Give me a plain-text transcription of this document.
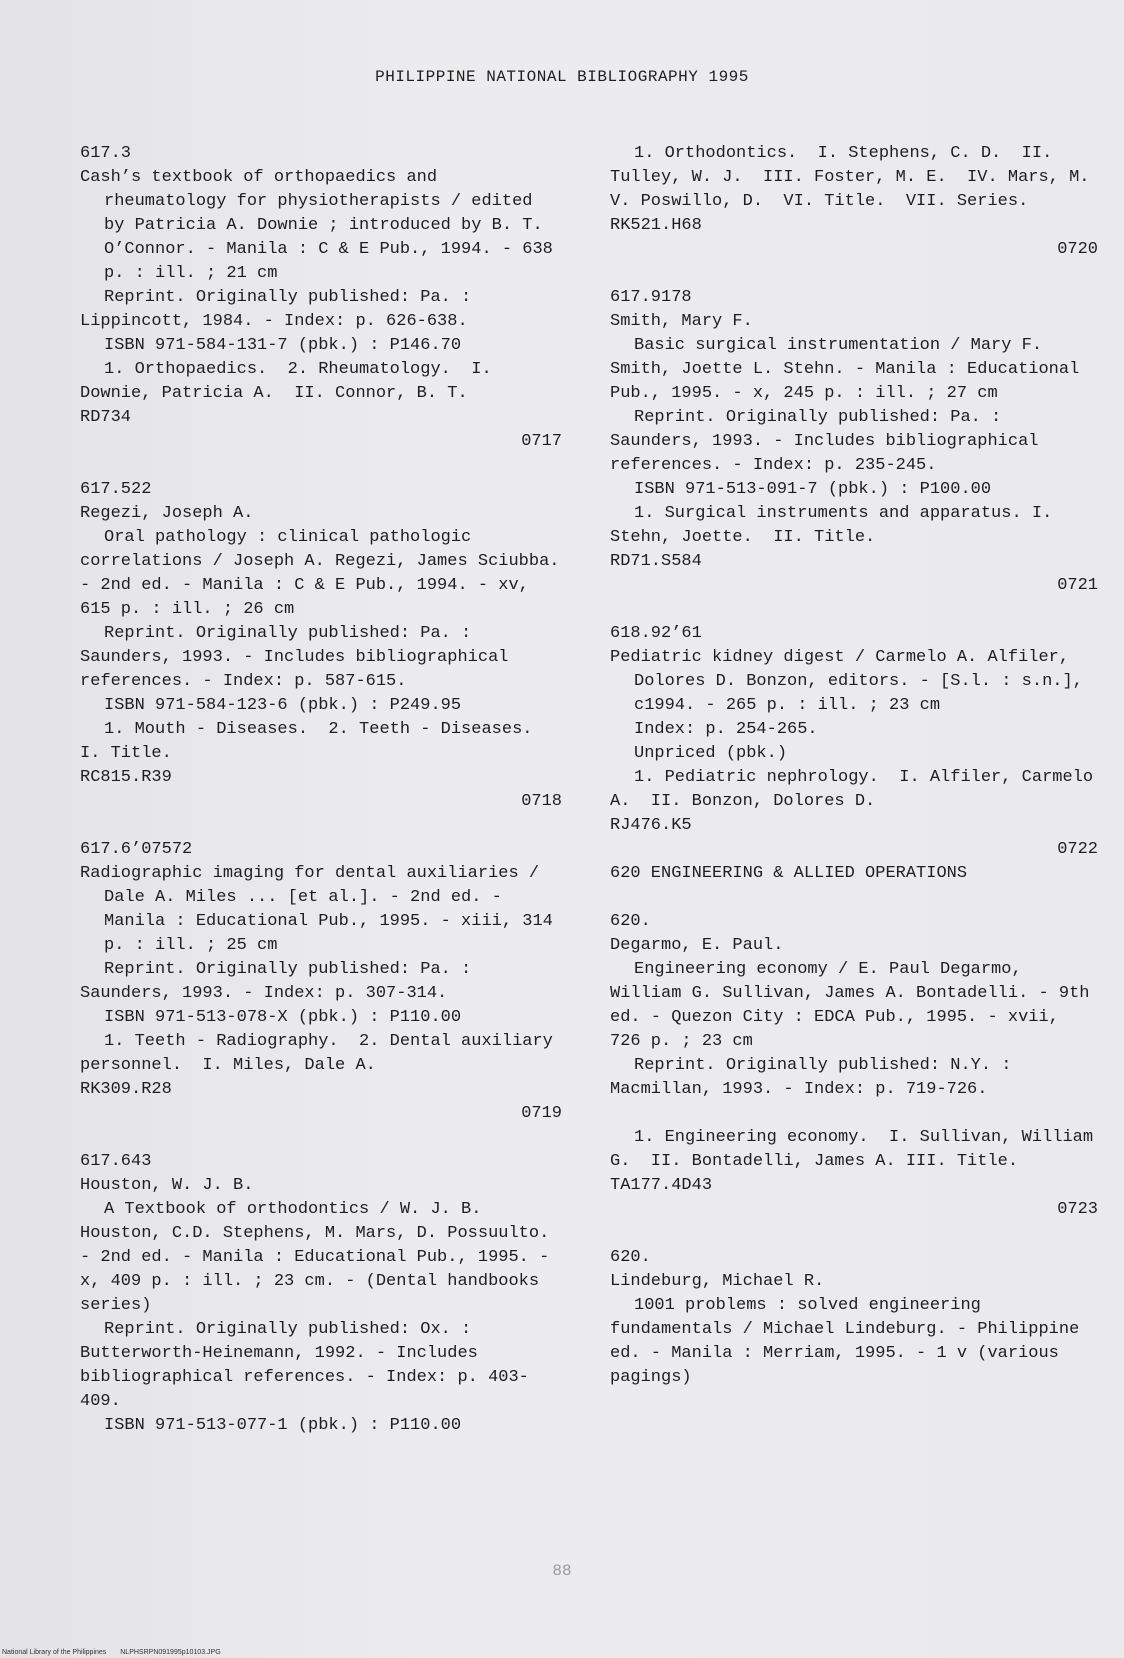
PHILIPPINE NATIONAL BIBLIOGRAPHY 1995

617.3

Cash’s textbook of orthopaedics and rheumatology for physiotherapists / edited by Patricia A. Downie ; introduced by B. T. O’Connor. - Manila : C & E Pub., 1994. - 638 p. : ill. ; 21 cm

Reprint. Originally published: Pa. : Lippincott, 1984. - Index: p. 626-638.

ISBN 971-584-131-7 (pbk.) : P146.70

1. Orthopaedics.  2. Rheumatology.  I. Downie, Patricia A.  II. Connor, B. T.

RD734

0717

617.522

Regezi, Joseph A.

Oral pathology : clinical pathologic correlations / Joseph A. Regezi, James Sciubba. - 2nd ed. - Manila : C & E Pub., 1994. - xv, 615 p. : ill. ; 26 cm

Reprint. Originally published: Pa. : Saunders, 1993. - Includes bibliographical references. - Index: p. 587-615.

ISBN 971-584-123-6 (pbk.) : P249.95

1. Mouth - Diseases.  2. Teeth - Diseases.  I. Title.

RC815.R39

0718

617.6’07572

Radiographic imaging for dental auxiliaries / Dale A. Miles ... [et al.]. - 2nd ed. - Manila : Educational Pub., 1995. - xiii, 314 p. : ill. ; 25 cm

Reprint. Originally published: Pa. : Saunders, 1993. - Index: p. 307-314.

ISBN 971-513-078-X (pbk.) : P110.00

1. Teeth - Radiography.  2. Dental auxiliary personnel.  I. Miles, Dale A.

RK309.R28

0719

617.643

Houston, W. J. B.

A Textbook of orthodontics / W. J. B. Houston, C.D. Stephens, M. Mars, D. Possuulto. - 2nd ed. - Manila : Educational Pub., 1995. - x, 409 p. : ill. ; 23 cm. - (Dental handbooks series)

Reprint. Originally published: Ox. : Butterworth-Heinemann, 1992. - Includes bibliographical references. - Index: p. 403-409.

ISBN 971-513-077-1 (pbk.) : P110.00

1. Orthodontics.  I. Stephens, C. D.  II. Tulley, W. J.  III. Foster, M. E.  IV. Mars, M.  V. Poswillo, D.  VI. Title.  VII. Series.

RK521.H68

0720

617.9178

Smith, Mary F.

Basic surgical instrumentation / Mary F. Smith, Joette L. Stehn. - Manila : Educational Pub., 1995. - x, 245 p. : ill. ; 27 cm

Reprint. Originally published: Pa. : Saunders, 1993. - Includes bibliographical references. - Index: p. 235-245.

ISBN 971-513-091-7 (pbk.) : P100.00

1. Surgical instruments and apparatus. I. Stehn, Joette.  II. Title.

RD71.S584

0721

618.92’61

Pediatric kidney digest / Carmelo A. Alfiler, Dolores D. Bonzon, editors. - [S.l. : s.n.], c1994. - 265 p. : ill. ; 23 cm

Index: p. 254-265.

Unpriced (pbk.)

1. Pediatric nephrology.  I. Alfiler, Carmelo A.  II. Bonzon, Dolores D.

RJ476.K5

0722

620 ENGINEERING & ALLIED OPERATIONS

620.

Degarmo, E. Paul.

Engineering economy / E. Paul Degarmo, William G. Sullivan, James A. Bontadelli. - 9th ed. - Quezon City : EDCA Pub., 1995. - xvii, 726 p. ; 23 cm

Reprint. Originally published: N.Y. : Macmillan, 1993. - Index: p. 719-726.

1. Engineering economy.  I. Sullivan, William G.  II. Bontadelli, James A. III. Title.

TA177.4D43

0723

620.

Lindeburg, Michael R.

1001 problems : solved engineering fundamentals / Michael Lindeburg. - Philippine ed. - Manila : Merriam, 1995. - 1 v (various pagings)

88
National Library of the Philippines NLPHSRPN091995p10103.JPG
